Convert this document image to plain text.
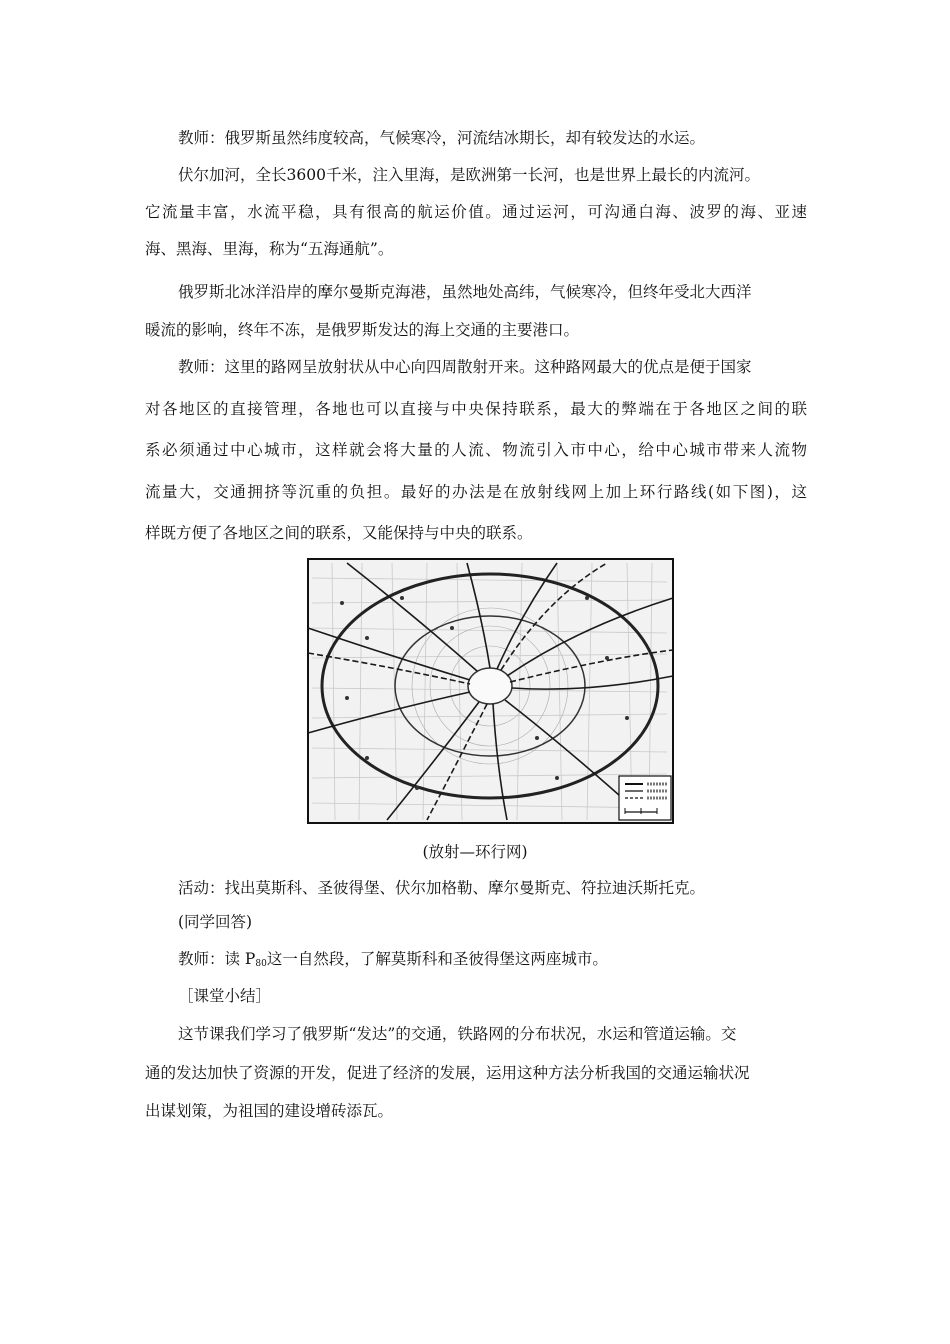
教师：俄罗斯虽然纬度较高，气候寒冷，河流结冰期长，却有较发达的水运。
伏尔加河，全长3600千米，注入里海，是欧洲第一长河，也是世界上最长的内流河。
它流量丰富，水流平稳，具有很高的航运价值。通过运河，可沟通白海、波罗的海、亚速
海、黑海、里海，称为“五海通航”。
俄罗斯北冰洋沿岸的摩尔曼斯克海港，虽然地处高纬，气候寒冷，但终年受北大西洋
暖流的影响，终年不冻，是俄罗斯发达的海上交通的主要港口。
教师：这里的路网呈放射状从中心向四周散射开来。这种路网最大的优点是便于国家
对各地区的直接管理，各地也可以直接与中央保持联系，最大的弊端在于各地区之间的联
系必须通过中心城市，这样就会将大量的人流、物流引入市中心，给中心城市带来人流物
流量大，交通拥挤等沉重的负担。最好的办法是在放射线网上加上环行路线(如下图)，这
样既方便了各地区之间的联系，又能保持与中央的联系。
(放射—环行网)
活动：找出莫斯科、圣彼得堡、伏尔加格勒、摩尔曼斯克、符拉迪沃斯托克。
(同学回答)
教师：读 $P_{80}$这一自然段，了解莫斯科和圣彼得堡这两座城市。
［课堂小结］
这节课我们学习了俄罗斯“发达”的交通，铁路网的分布状况，水运和管道运输。交
通的发达加快了资源的开发，促进了经济的发展，运用这种方法分析我国的交通运输状况
出谋划策，为祖国的建设增砖添瓦。
